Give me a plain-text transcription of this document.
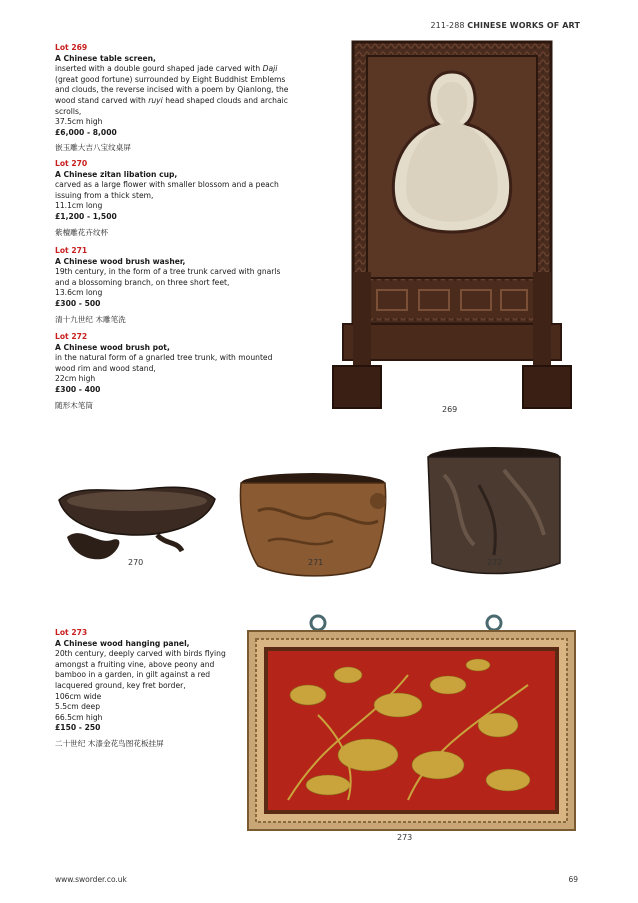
211-288 CHINESE WORKS OF ART
Lot 269
A Chinese table screen,
inserted with a double gourd shaped jade carved with Daji (great good fortune) surrounded by Eight Buddhist Emblems and clouds, the reverse incised with a poem by Qianlong, the wood stand carved with ruyi head shaped clouds and archaic scrolls,
37.5cm high
£6,000 - 8,000
嵌玉雕大吉八宝纹桌屏
Lot 270
A Chinese zitan libation cup,
carved as a large flower with smaller blossom and a peach issuing from a thick stem,
11.1cm long
£1,200 - 1,500
紫檀雕花卉纹杯
Lot 271
A Chinese wood brush washer,
19th century, in the form of a tree trunk carved with gnarls and a blossoming branch, on three short feet,
13.6cm long
£300 - 500
清十九世纪 木雕笔洗
Lot 272
A Chinese wood brush pot,
in the natural form of a gnarled tree trunk, with mounted wood rim and wood stand,
22cm high
£300 - 400
随形木笔筒
Lot 273
A Chinese wood hanging panel,
20th century, deeply carved with birds flying amongst a fruiting vine, above peony and bamboo in a garden, in gilt against a red lacquered ground, key fret border,
106cm wide
5.5cm deep
66.5cm high
£150 - 250
二十世纪 木漆金花鸟图花板挂屏
269
270	271	272
273
www.sworder.co.uk	69
